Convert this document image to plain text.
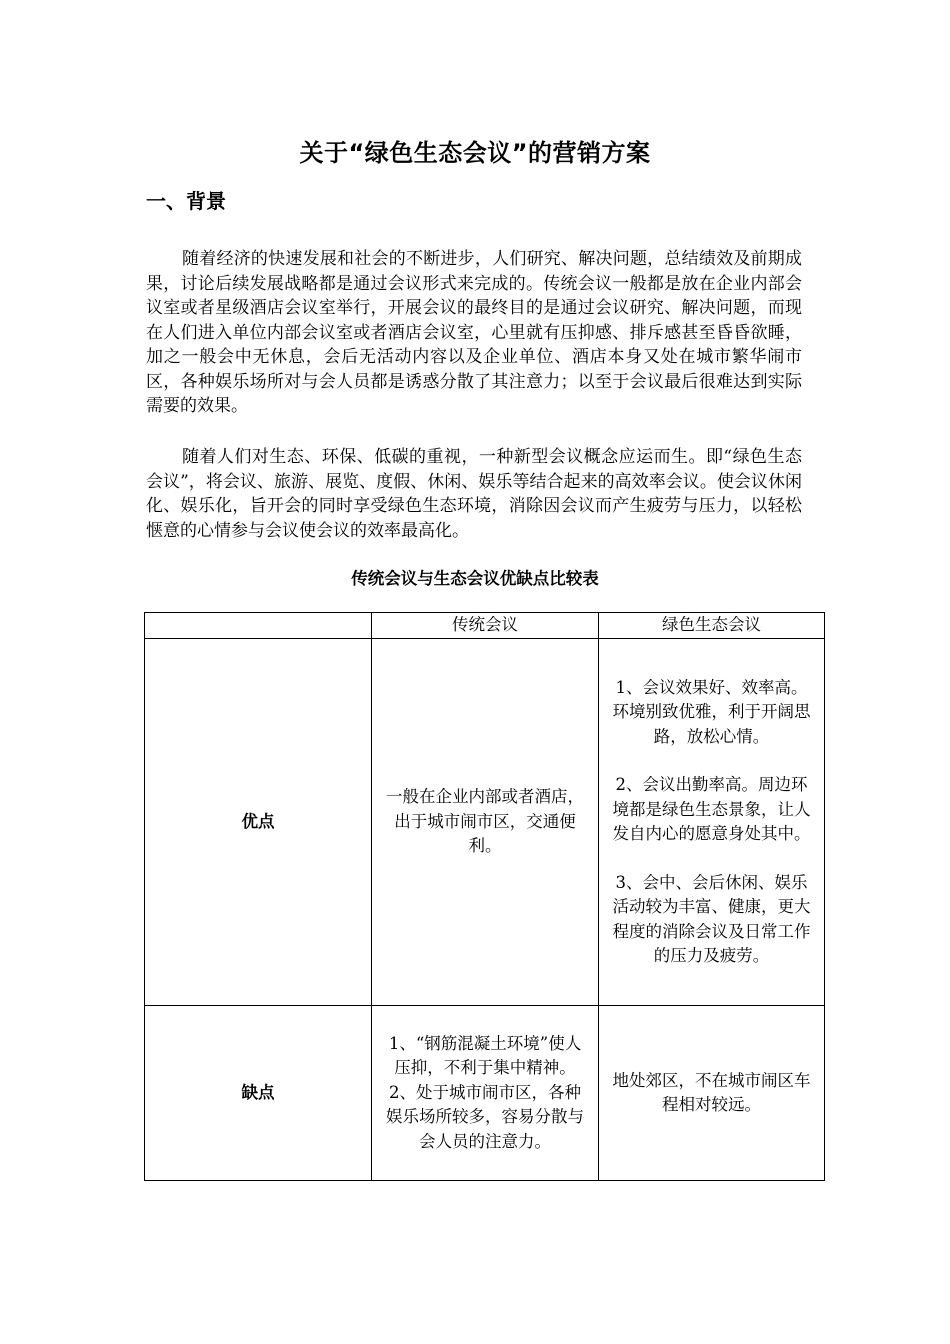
关于“绿色生态会议”的营销方案
一、背景

随着经济的快速发展和社会的不断进步，人们研究、解决问题，总结绩效及前期成果，讨论后续发展战略都是通过会议形式来完成的。传统会议一般都是放在企业内部会议室或者星级酒店会议室举行，开展会议的最终目的是通过会议研究、解决问题，而现在人们进入单位内部会议室或者酒店会议室，心里就有压抑感、排斥感甚至昏昏欲睡，加之一般会中无休息，会后无活动内容以及企业单位、酒店本身又处在城市繁华闹市区，各种娱乐场所对与会人员都是诱惑分散了其注意力；以至于会议最后很难达到实际需要的效果。

随着人们对生态、环保、低碳的重视，一种新型会议概念应运而生。即“绿色生态会议”，将会议、旅游、展览、度假、休闲、娱乐等结合起来的高效率会议。使会议休闲化、娱乐化，旨开会的同时享受绿色生态环境，消除因会议而产生疲劳与压力，以轻松惬意的心情参与会议使会议的效率最高化。

传统会议与生态会议优缺点比较表
	传统会议	绿色生态会议
优点	一般在企业内部或者酒店，出于城市闹市区，交通便利。	1、会议效果好、效率高。环境别致优雅，利于开阔思路，放松心情。
2、会议出勤率高。周边环境都是绿色生态景象，让人发自内心的愿意身处其中。
3、会中、会后休闲、娱乐活动较为丰富、健康，更大程度的消除会议及日常工作的压力及疲劳。

缺点	1、“钢筋混凝土环境”使人压抑，不利于集中精神。
2、处于城市闹市区，各种娱乐场所较多，容易分散与会人员的注意力。	地处郊区，不在城市闹区车程相对较远。
